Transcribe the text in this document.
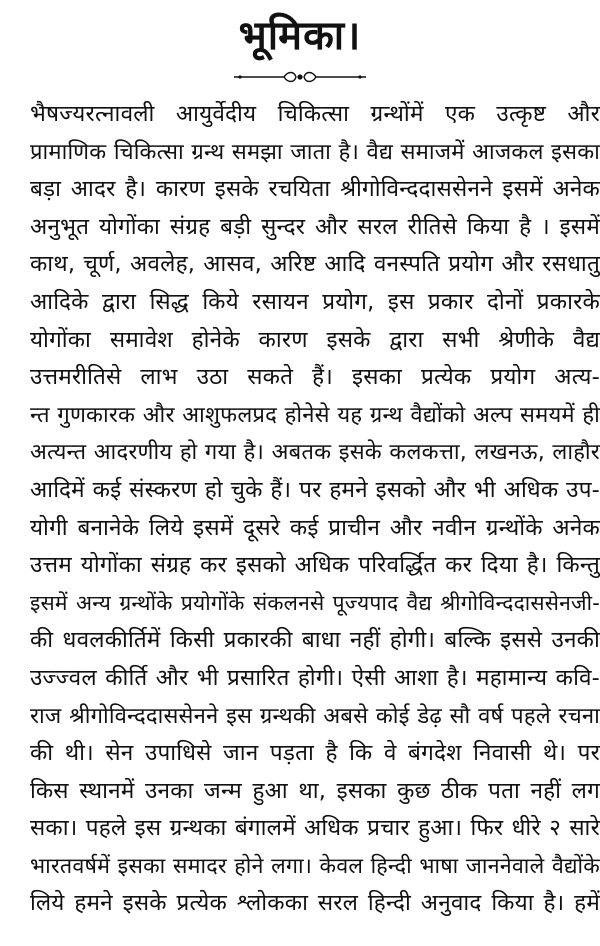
भूमिका।
भैषज्यरत्नावली आयुर्वेदीय चिकित्सा ग्रन्थोंमें एक उत्कृष्ट और
प्रामाणिक चिकित्सा ग्रन्थ समझा जाता है। वैद्य समाजमें आजकल इसका
बड़ा आदर है। कारण इसके रचयिता श्रीगोविन्ददाससेनने इसमें अनेक
अनुभूत योगोंका संग्रह बड़ी सुन्दर और सरल रीतिसे किया है । इसमें
काथ, चूर्ण, अवलेह, आसव, अरिष्ट आदि वनस्पति प्रयोग और रसधातु
आदिके द्वारा सिद्ध किये रसायन प्रयोग, इस प्रकार दोनों प्रकारके
योगोंका समावेश होनेके कारण इसके द्वारा सभी श्रेणीके वैद्य
उत्तमरीतिसे लाभ उठा सकते हैं। इसका प्रत्येक प्रयोग अत्य-
न्त गुणकारक और आशुफलप्रद होनेसे यह ग्रन्थ वैद्योंको अल्प समयमें ही
अत्यन्त आदरणीय हो गया है। अबतक इसके कलकत्ता, लखनऊ, लाहौर
आदिमें कई संस्करण हो चुके हैं। पर हमने इसको और भी अधिक उप-
योगी बनानेके लिये इसमें दूसरे कई प्राचीन और नवीन ग्रन्थोंके अनेक
उत्तम योगोंका संग्रह कर इसको अधिक परिवर्द्धित कर दिया है। किन्तु
इसमें अन्य ग्रन्थोंके प्रयोगोंके संकलनसे पूज्यपाद वैद्य श्रीगोविन्ददाससेनजी-
की धवलकीर्तिमें किसी प्रकारकी बाधा नहीं होगी। बल्कि इससे उनकी
उज्ज्वल कीर्ति और भी प्रसारित होगी। ऐसी आशा है। महामान्य कवि-
राज श्रीगोविन्ददाससेनने इस ग्रन्थकी अबसे कोई डेढ़ सौ वर्ष पहले रचना
की थी। सेन उपाधिसे जान पड़ता है कि वे बंगदेश निवासी थे। पर
किस स्थानमें उनका जन्म हुआ था, इसका कुछ ठीक पता नहीं लग
सका। पहले इस ग्रन्थका बंगालमें अधिक प्रचार हुआ। फिर धीरे २ सारे
भारतवर्षमें इसका समादर होने लगा। केवल हिन्दी भाषा जाननेवाले वैद्योंके
लिये हमने इसके प्रत्येक श्लोकका सरल हिन्दी अनुवाद किया है। हमें
